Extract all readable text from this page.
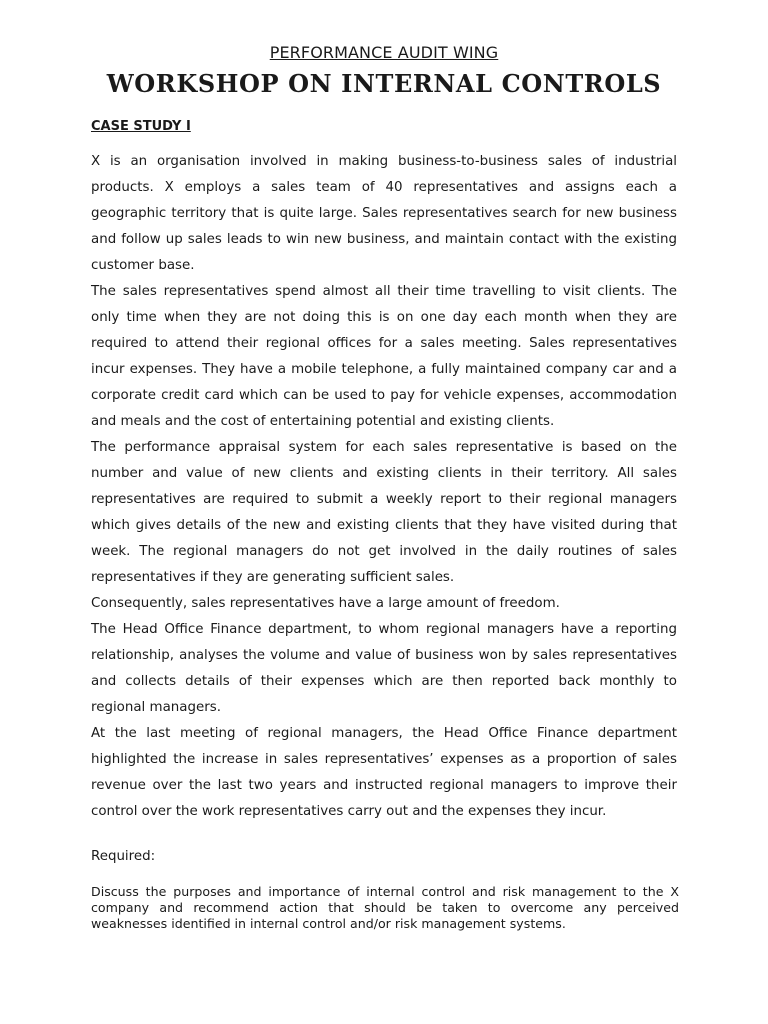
PERFORMANCE AUDIT WING
WORKSHOP ON INTERNAL CONTROLS
CASE STUDY I

X is an organisation involved in making business-to-business sales of industrial products. X employs a sales team of 40 representatives and assigns each a geographic territory that is quite large. Sales representatives search for new business and follow up sales leads to win new business, and maintain contact with the existing customer base.

The sales representatives spend almost all their time travelling to visit clients. The only time when they are not doing this is on one day each month when they are required to attend their regional offices for a sales meeting. Sales representatives incur expenses. They have a mobile telephone, a fully maintained company car and a corporate credit card which can be used to pay for vehicle expenses, accommodation and meals and the cost of entertaining potential and existing clients.

The performance appraisal system for each sales representative is based on the number and value of new clients and existing clients in their territory. All sales representatives are required to submit a weekly report to their regional managers which gives details of the new and existing clients that they have visited during that week. The regional managers do not get involved in the daily routines of sales representatives if they are generating sufficient sales.

Consequently, sales representatives have a large amount of freedom.

The Head Office Finance department, to whom regional managers have a reporting relationship, analyses the volume and value of business won by sales representatives and collects details of their expenses which are then reported back monthly to regional managers.

At the last meeting of regional managers, the Head Office Finance department highlighted the increase in sales representatives’ expenses as a proportion of sales revenue over the last two years and instructed regional managers to improve their control over the work representatives carry out and the expenses they incur.

Required:
Discuss the purposes and importance of internal control and risk management to the X company and recommend action that should be taken to overcome any perceived weaknesses identified in internal control and/or risk management systems.
